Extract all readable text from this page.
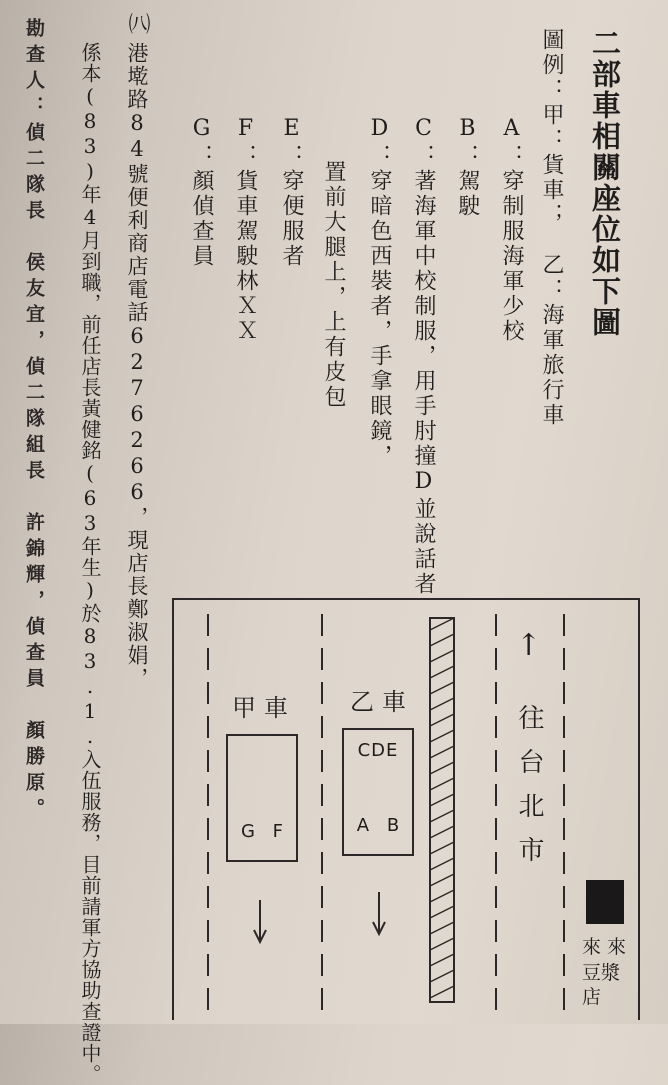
二部車相關座位如下圖
圖例：甲：貨車；　乙：海軍旅行車
A：穿制服海軍少校
B：駕駛
C：著海軍中校制服，用手肘撞D並說話者
D：穿暗色西裝者，手拿眼鏡，
置前大腿上，上有皮包
E：穿便服者
F：貨車駕駛林ＸＸ
G：顏偵查員
㈧
港墘路84號便利商店電話6276266，現店長鄭淑娟，
係本(83)年4月到職，前任店長黃健銘(63年生)於83.1.入伍服務，目前請軍方協助查證中。
勘查人：偵二隊長　侯友宜，偵二隊組長　許錦輝，偵查員　顏勝原。	甲車
G F
乙車
CDE
A B
↑
往台北市
來 來
豆漿店
